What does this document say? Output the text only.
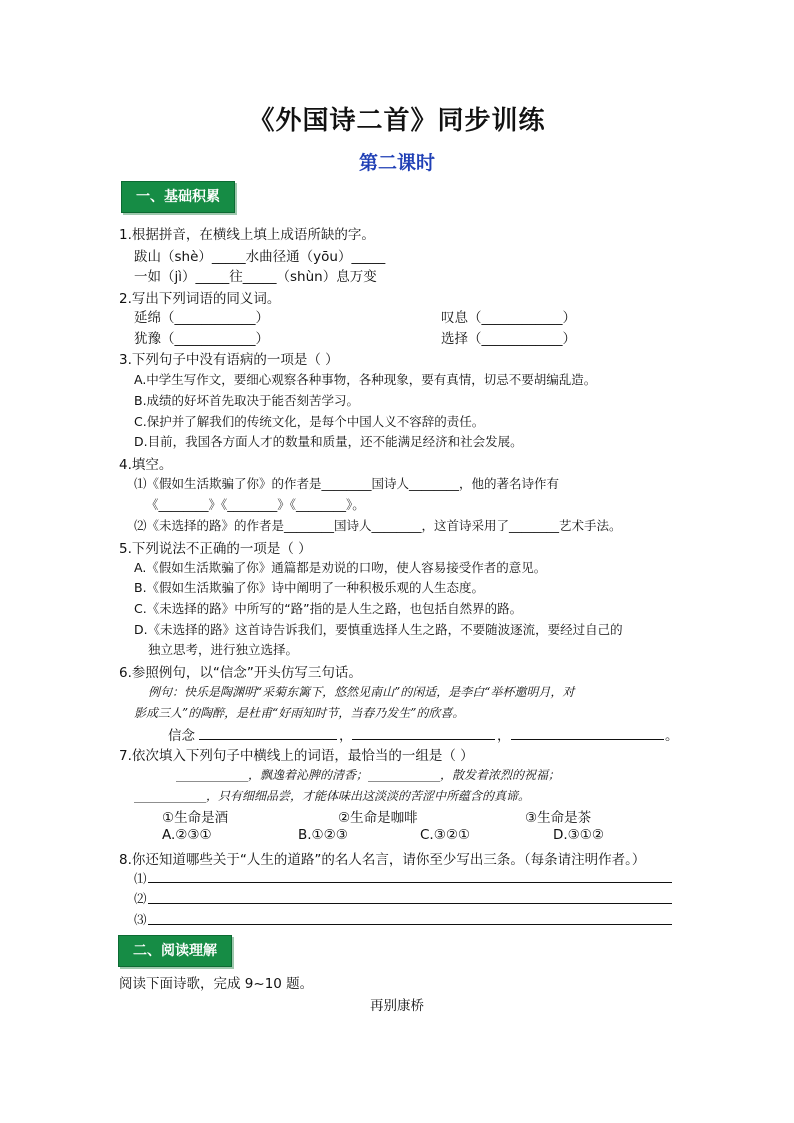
《外国诗二首》同步训练
第二课时
一、基础积累
1.根据拼音，在横线上填上成语所缺的字。
跋山（shè）_____水曲径通（yōu）_____
一如（jì）_____往_____（shùn）息万变
2.写出下列词语的同义词。
延绵（____________）	叹息（____________）
犹豫（____________）	选择（____________）
3.下列句子中没有语病的一项是（ ）
A.中学生写作文，要细心观察各种事物，各种现象，要有真情，切忌不要胡编乱造。
B.成绩的好坏首先取决于能否刻苦学习。
C.保护并了解我们的传统文化，是每个中国人义不容辞的责任。
D.目前，我国各方面人才的数量和质量，还不能满足经济和社会发展。
4.填空。
⑴《假如生活欺骗了你》的作者是________国诗人________，他的著名诗作有
《________》《________》《________》。
⑵《未选择的路》的作者是________国诗人________，这首诗采用了________艺术手法。
5.下列说法不正确的一项是（ ）
A.《假如生活欺骗了你》通篇都是劝说的口吻，使人容易接受作者的意见。
B.《假如生活欺骗了你》诗中阐明了一种积极乐观的人生态度。
C.《未选择的路》中所写的“路”指的是人生之路，也包括自然界的路。
D.《未选择的路》这首诗告诉我们，要慎重选择人生之路，不要随波逐流，要经过自己的
独立思考，进行独立选择。
6.参照例句，以“信念”开头仿写三句话。
例句：快乐是陶渊明“采菊东篱下，悠然见南山”的闲适，是李白“举杯邀明月，对
影成三人”的陶醉，是杜甫“好雨知时节，当春乃发生”的欣喜。
信念	，	，	。
7.依次填入下列句子中横线上的词语，最恰当的一组是（ ）
____________，飘逸着沁脾的清香；____________，散发着浓烈的祝福；
____________，只有细细品尝，才能体味出这淡淡的苦涩中所蕴含的真谛。
①生命是酒	②生命是咖啡	③生命是茶
A.②③①	B.①②③	C.③②①	D.③①②
8.你还知道哪些关于“人生的道路”的名人名言，请你至少写出三条。（每条请注明作者。）
⑴
⑵
⑶
二、阅读理解
阅读下面诗歌，完成 9~10 题。
再别康桥
